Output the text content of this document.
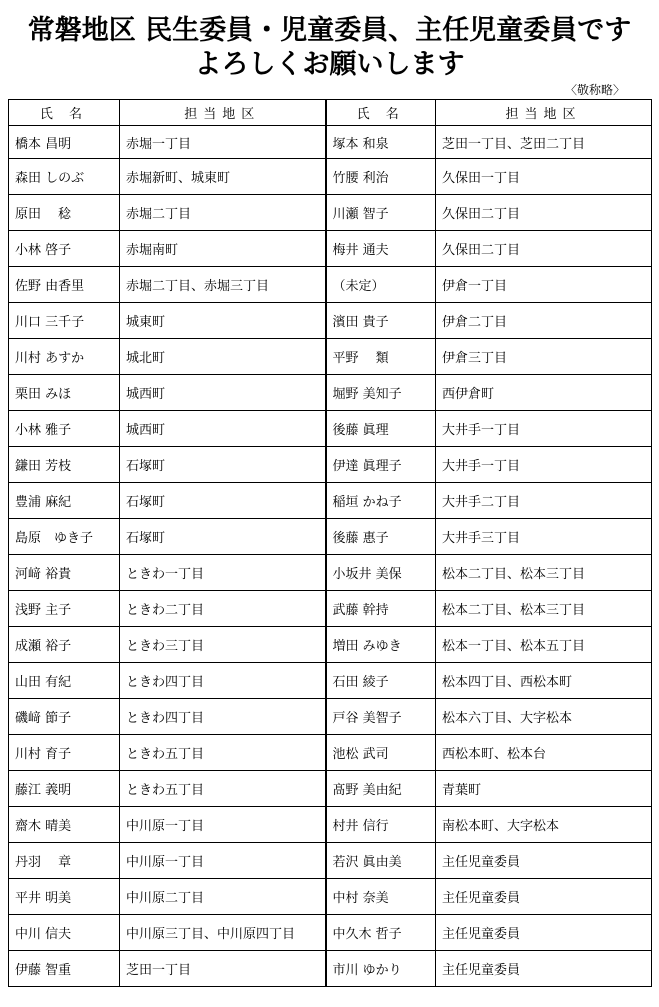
常磐地区 民生委員・児童委員、主任児童委員です
よろしくお願いします
〈敬称略〉
氏 名	担当地区	氏 名	担当地区
橋本 昌明	赤堀一丁目	塚本 和泉	芝田一丁目、芝田二丁目
森田 しのぶ	赤堀新町、城東町	竹腰 利治	久保田一丁目
原田　 稔	赤堀二丁目	川瀬 智子	久保田二丁目
小林 啓子	赤堀南町	梅井 通夫	久保田二丁目
佐野 由香里	赤堀二丁目、赤堀三丁目	（未定）	伊倉一丁目
川口 三千子	城東町	濱田 貴子	伊倉二丁目
川村 あすか	城北町	平野　 類	伊倉三丁目
栗田 みほ	城西町	堀野 美知子	西伊倉町
小林 雅子	城西町	後藤 眞理	大井手一丁目
鎌田 芳枝	石塚町	伊達 眞理子	大井手一丁目
豊浦 麻紀	石塚町	稲垣 かね子	大井手二丁目
島原　ゆき子	石塚町	後藤 惠子	大井手三丁目
河﨑 裕貴	ときわ一丁目	小坂井 美保	松本二丁目、松本三丁目
浅野 主子	ときわ二丁目	武藤 幹持	松本二丁目、松本三丁目
成瀬 裕子	ときわ三丁目	増田 みゆき	松本一丁目、松本五丁目
山田 有紀	ときわ四丁目	石田 綾子	松本四丁目、西松本町
磯﨑 節子	ときわ四丁目	戸谷 美智子	松本六丁目、大字松本
川村 育子	ときわ五丁目	池松 武司	西松本町、松本台
藤江 義明	ときわ五丁目	髙野 美由紀	青葉町
齋木 晴美	中川原一丁目	村井 信行	南松本町、大字松本
丹羽　 章	中川原一丁目	若沢 眞由美	主任児童委員
平井 明美	中川原二丁目	中村 奈美	主任児童委員
中川 信夫	中川原三丁目、中川原四丁目	中久木 哲子	主任児童委員
伊藤 智重	芝田一丁目	市川 ゆかり	主任児童委員
